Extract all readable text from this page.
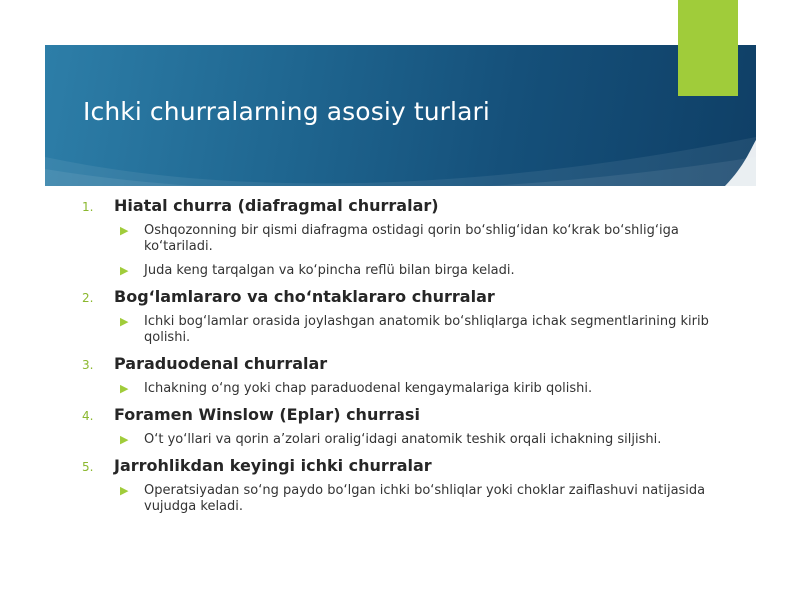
Ichki churralarning asosiy turlari
1.	Hiatal churra (diafragmal churralar)
▶	Oshqozonning bir qismi diafragma ostidagi qorin bo‘shlig‘idan ko‘krak bo‘shlig‘iga ko‘tariladi.
▶	Juda keng tarqalgan va ko‘pincha reflü bilan birga keladi.
2.	Bog‘lamlararo va cho‘ntaklararo churralar
▶	Ichki bog‘lamlar orasida joylashgan anatomik bo‘shliqlarga ichak segmentlarining kirib qolishi.
3.	Paraduodenal churralar
▶	Ichakning o‘ng yoki chap paraduodenal kengaymalariga kirib qolishi.
4.	Foramen Winslow (Eplar) churrasi
▶	O‘t yo‘llari va qorin a’zolari oralig‘idagi anatomik teshik orqali ichakning siljishi.
5.	Jarrohlikdan keyingi ichki churralar
▶	Operatsiyadan so‘ng paydo bo‘lgan ichki bo‘shliqlar yoki choklar zaiflashuvi natijasida vujudga keladi.
